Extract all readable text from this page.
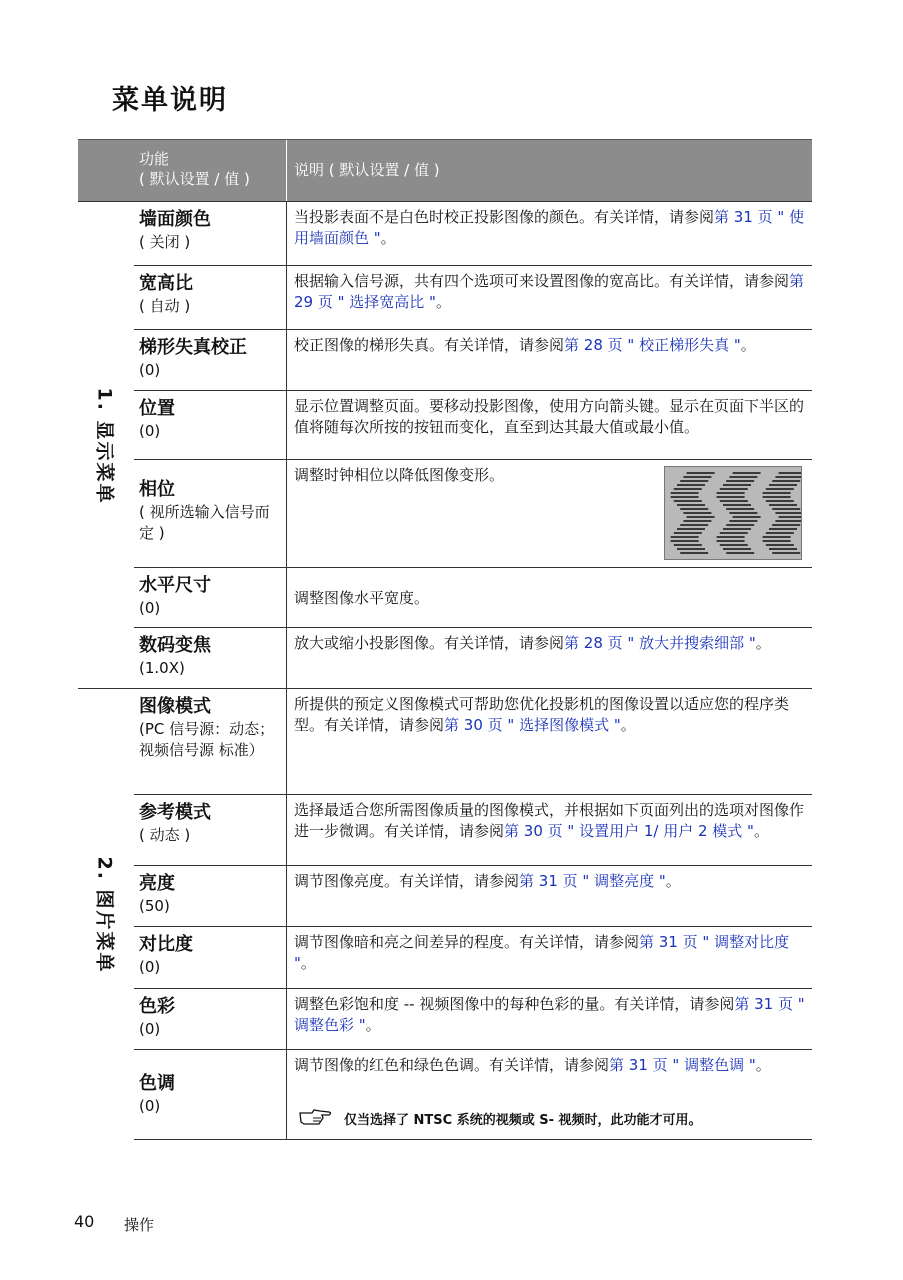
菜单说明
功能
( 默认设置 / 值 )	说明 ( 默认设置 / 值 )
1. 显示菜单
2. 图片菜单
墙面颜色
( 关闭 )
当投影表面不是白色时校正投影图像的颜色。有关详情，请参阅第 31 页 " 使用墙面颜色 "。
宽高比
( 自动 )
根据输入信号源，共有四个选项可来设置图像的宽高比。有关详情，请参阅第 29 页 " 选择宽高比 "。
梯形失真校正
(0)
校正图像的梯形失真。有关详情，请参阅第 28 页 " 校正梯形失真 "。
位置
(0)
显示位置调整页面。要移动投影图像，使用方向箭头键。显示在页面下半区的值将随每次所按的按钮而变化，直至到达其最大值或最小值。
相位
( 视所选输入信号而定 )
调整时钟相位以降低图像变形。
水平尺寸
(0)
调整图像水平宽度。
数码变焦
(1.0X)
放大或缩小投影图像。有关详情，请参阅第 28 页 " 放大并搜索细部 "。
图像模式
(PC 信号源：动态；视频信号源 标准）
所提供的预定义图像模式可帮助您优化投影机的图像设置以适应您的程序类型。有关详情，请参阅第 30 页 " 选择图像模式 "。
参考模式
( 动态 )
选择最适合您所需图像质量的图像模式，并根据如下页面列出的选项对图像作进一步微调。有关详情，请参阅第 30 页 " 设置用户 1/ 用户 2 模式 "。
亮度
(50)
调节图像亮度。有关详情，请参阅第 31 页 " 调整亮度 "。
对比度
(0)
调节图像暗和亮之间差异的程度。有关详情，请参阅第 31 页 " 调整对比度 "。
色彩
(0)
调整色彩饱和度 -- 视频图像中的每种色彩的量。有关详情，请参阅第 31 页 " 调整色彩 "。
色调
(0)
调节图像的红色和绿色色调。有关详情，请参阅第 31 页 " 调整色调 "。
仅当选择了 NTSC 系统的视频或 S- 视频时，此功能才可用。
40 操作
